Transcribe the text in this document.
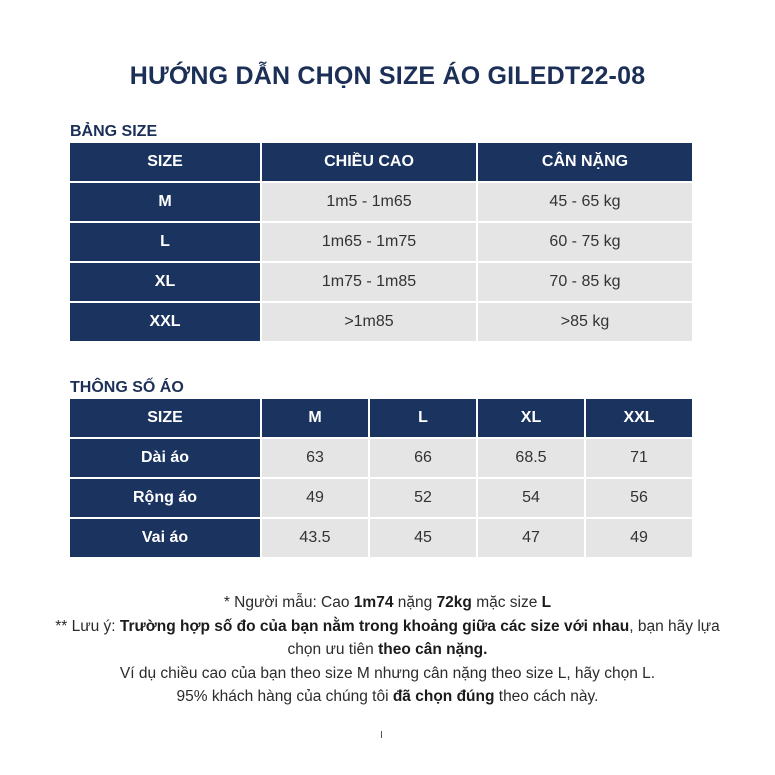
HƯỚNG DẪN CHỌN SIZE ÁO GILEDT22-08
BẢNG SIZE
SIZE	CHIỀU CAO	CÂN NẶNG
M	1m5 - 1m65	45 - 65 kg
L	1m65 - 1m75	60 - 75 kg
XL	1m75 - 1m85	70 - 85 kg
XXL	>1m85	>85 kg
THÔNG SỐ ÁO
SIZE	M	L	XL	XXL
Dài áo	63	66	68.5	71
Rộng áo	49	52	54	56
Vai áo	43.5	45	47	49
* Người mẫu: Cao 1m74 nặng 72kg mặc size L
** Lưu ý: Trường hợp số đo của bạn nằm trong khoảng giữa các size với nhau, bạn hãy lựa
chọn ưu tiên theo cân nặng.
Ví dụ chiều cao của bạn theo size M nhưng cân nặng theo size L, hãy chọn L.
95% khách hàng của chúng tôi đã chọn đúng theo cách này.
